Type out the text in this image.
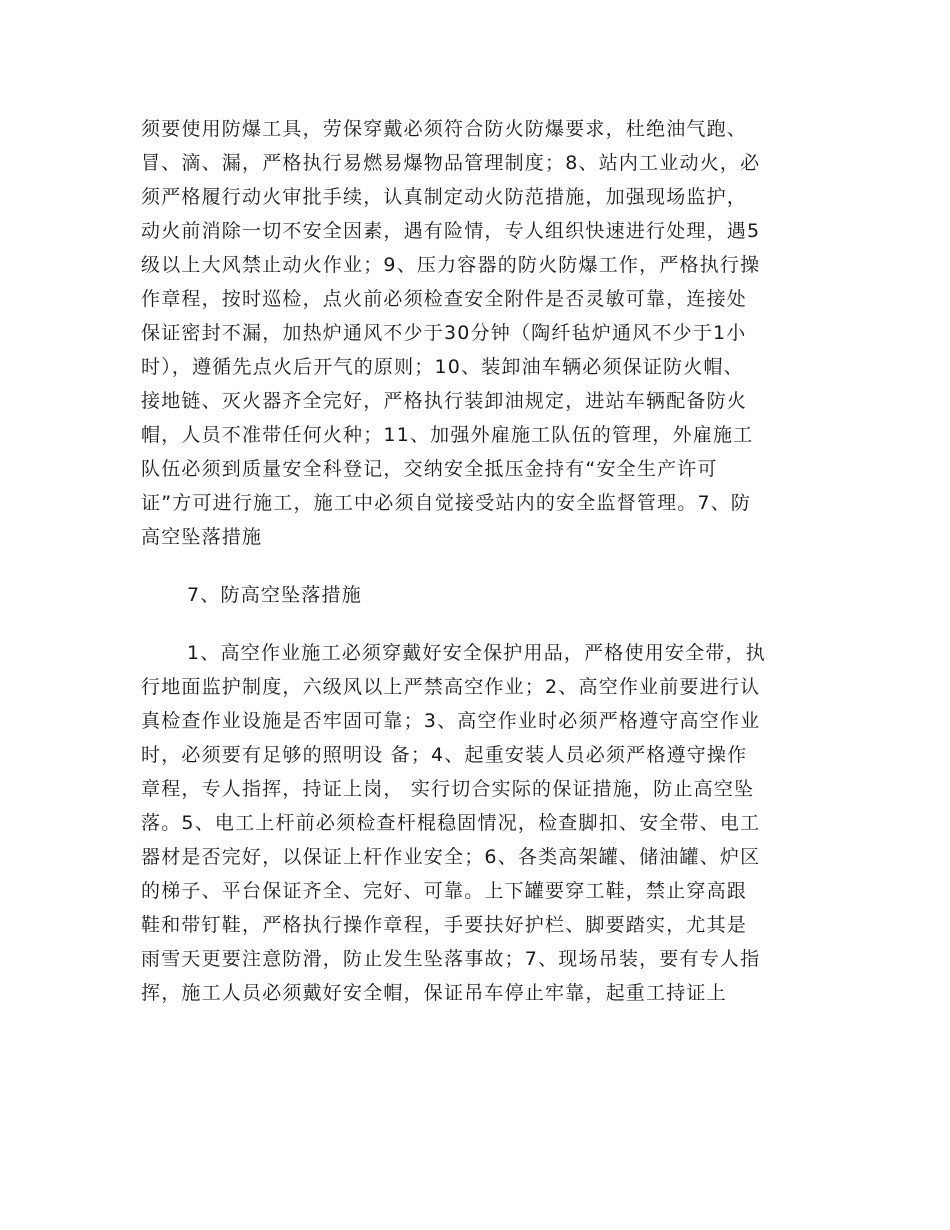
须要使用防爆工具，劳保穿戴必须符合防火防爆要求，杜绝油气跑、
冒、滴、漏，严格执行易燃易爆物品管理制度；8、站内工业动火，必
须严格履行动火审批手续，认真制定动火防范措施，加强现场监护，
动火前消除一切不安全因素，遇有险情，专人组织快速进行处理，遇5
级以上大风禁止动火作业；9、压力容器的防火防爆工作，严格执行操
作章程，按时巡检，点火前必须检查安全附件是否灵敏可靠，连接处
保证密封不漏，加热炉通风不少于30分钟（陶纤毡炉通风不少于1小
时），遵循先点火后开气的原则；10、装卸油车辆必须保证防火帽、
接地链、灭火器齐全完好，严格执行装卸油规定，进站车辆配备防火
帽，人员不准带任何火种；11、加强外雇施工队伍的管理，外雇施工
队伍必须到质量安全科登记，交纳安全抵压金持有“安全生产许可
证”方可进行施工，施工中必须自觉接受站内的安全监督管理。7、防
高空坠落措施
7、防高空坠落措施
1、高空作业施工必须穿戴好安全保护用品，严格使用安全带，执
行地面监护制度，六级风以上严禁高空作业；2、高空作业前要进行认
真检查作业设施是否牢固可靠；3、高空作业时必须严格遵守高空作业
时，必须要有足够的照明设 备；4、起重安装人员必须严格遵守操作
章程，专人指挥，持证上岗， 实行切合实际的保证措施，防止高空坠
落。5、电工上杆前必须检查杆棍稳固情况，检查脚扣、安全带、电工
器材是否完好，以保证上杆作业安全；6、各类高架罐、储油罐、炉区
的梯子、平台保证齐全、完好、可靠。上下罐要穿工鞋，禁止穿高跟
鞋和带钉鞋，严格执行操作章程，手要扶好护栏、脚要踏实，尤其是
雨雪天更要注意防滑，防止发生坠落事故；7、现场吊装，要有专人指
挥，施工人员必须戴好安全帽，保证吊车停止牢靠，起重工持证上
